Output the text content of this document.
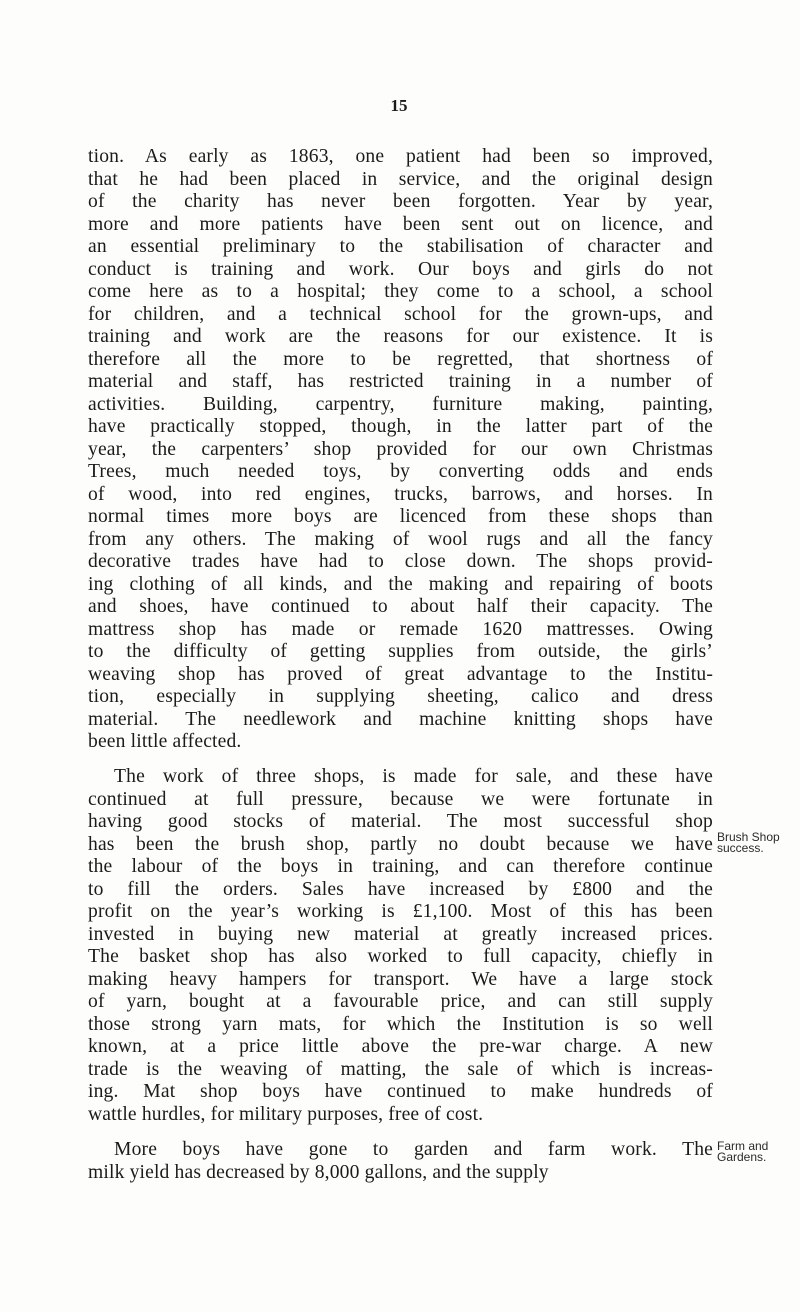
15
tion. As early as 1863, one patient had been so improved,
that he had been placed in service, and the original design
of the charity has never been forgotten. Year by year,
more and more patients have been sent out on licence, and
an essential preliminary to the stabilisation of character and
conduct is training and work. Our boys and girls do not
come here as to a hospital; they come to a school, a school
for children, and a technical school for the grown-ups, and
training and work are the reasons for our existence. It is
therefore all the more to be regretted, that shortness of
material and staff, has restricted training in a number of
activities. Building, carpentry, furniture making, painting,
have practically stopped, though, in the latter part of the
year, the carpenters’ shop provided for our own Christmas
Trees, much needed toys, by converting odds and ends
of wood, into red engines, trucks, barrows, and horses. In
normal times more boys are licenced from these shops than
from any others. The making of wool rugs and all the fancy
decorative trades have had to close down. The shops provid-
ing clothing of all kinds, and the making and repairing of boots
and shoes, have continued to about half their capacity. The
mattress shop has made or remade 1620 mattresses. Owing
to the difficulty of getting supplies from outside, the girls’
weaving shop has proved of great advantage to the Institu-
tion, especially in supplying sheeting, calico and dress
material. The needlework and machine knitting shops have
been little affected.
The work of three shops, is made for sale, and these have
continued at full pressure, because we were fortunate in
having good stocks of material. The most successful shop
has been the brush shop, partly no doubt because we have
the labour of the boys in training, and can therefore continue
to fill the orders. Sales have increased by £800 and the
profit on the year’s working is £1,100. Most of this has been
invested in buying new material at greatly increased prices.
The basket shop has also worked to full capacity, chiefly in
making heavy hampers for transport. We have a large stock
of yarn, bought at a favourable price, and can still supply
those strong yarn mats, for which the Institution is so well
known, at a price little above the pre-war charge. A new
trade is the weaving of matting, the sale of which is increas-
ing. Mat shop boys have continued to make hundreds of
wattle hurdles, for military purposes, free of cost.
More boys have gone to garden and farm work. The
milk yield has decreased by 8,000 gallons, and the supply
Brush Shop
success.
Farm and
Gardens.
